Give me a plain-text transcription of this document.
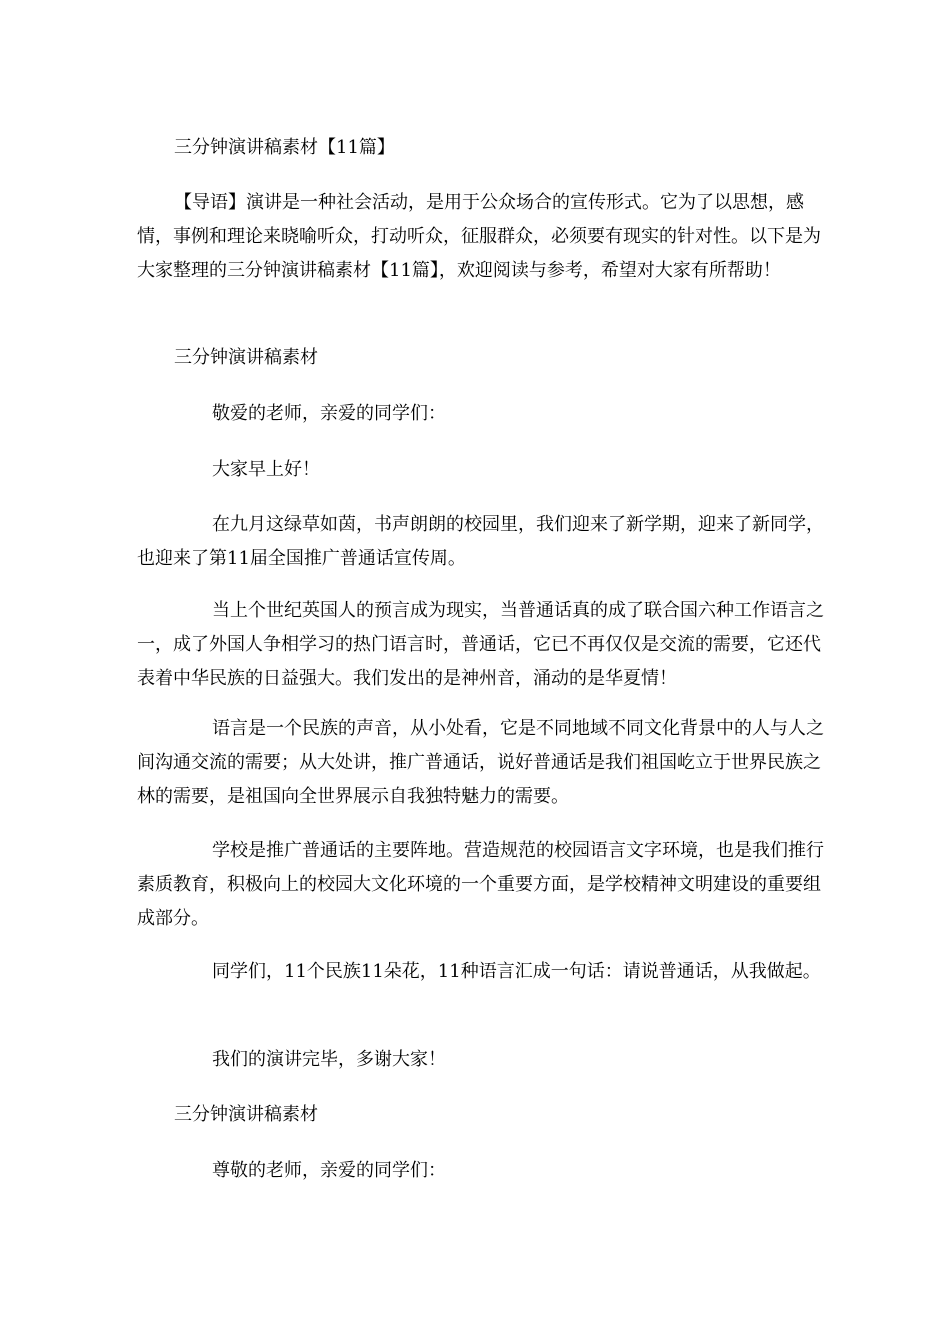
三分钟演讲稿素材【11篇】

【导语】演讲是一种社会活动，是用于公众场合的宣传形式。它为了以思想，感情，事例和理论来晓喻听众，打动听众，征服群众，必须要有现实的针对性。以下是为大家整理的三分钟演讲稿素材【11篇】，欢迎阅读与参考，希望对大家有所帮助！

三分钟演讲稿素材

敬爱的老师，亲爱的同学们：

大家早上好！

在九月这绿草如茵，书声朗朗的校园里，我们迎来了新学期，迎来了新同学，也迎来了第11届全国推广普通话宣传周。

当上个世纪英国人的预言成为现实，当普通话真的成了联合国六种工作语言之一，成了外国人争相学习的热门语言时，普通话，它已不再仅仅是交流的需要，它还代表着中华民族的日益强大。我们发出的是神州音，涌动的是华夏情！

语言是一个民族的声音，从小处看，它是不同地域不同文化背景中的人与人之间沟通交流的需要；从大处讲，推广普通话，说好普通话是我们祖国屹立于世界民族之林的需要，是祖国向全世界展示自我独特魅力的需要。

学校是推广普通话的主要阵地。营造规范的校园语言文字环境，也是我们推行素质教育，积极向上的校园大文化环境的一个重要方面，是学校精神文明建设的重要组成部分。

同学们，11个民族11朵花，11种语言汇成一句话：请说普通话，从我做起。

我们的演讲完毕，多谢大家！

三分钟演讲稿素材

尊敬的老师，亲爱的同学们：
